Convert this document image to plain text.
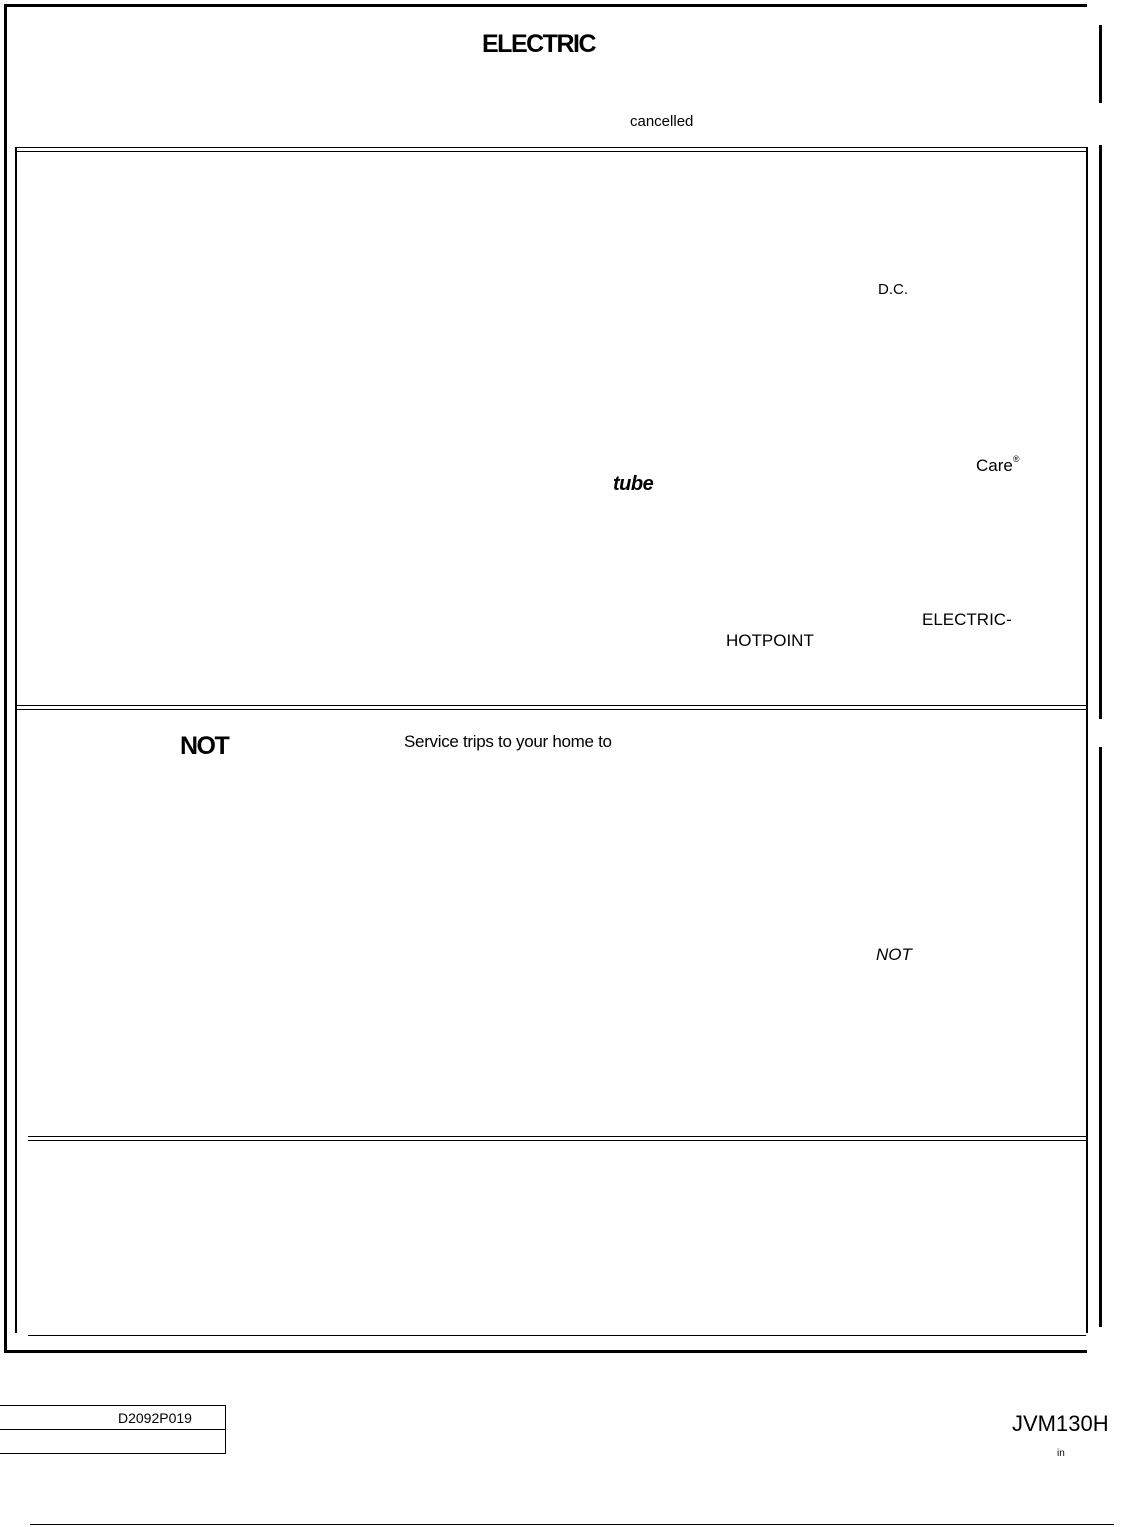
ELECTRIC
cancelled
D.C.
Care®
tube
ELECTRIC-
HOTPOINT
NOT	Service trips to your home to
NOT
D2092P019	JVM130H
in
